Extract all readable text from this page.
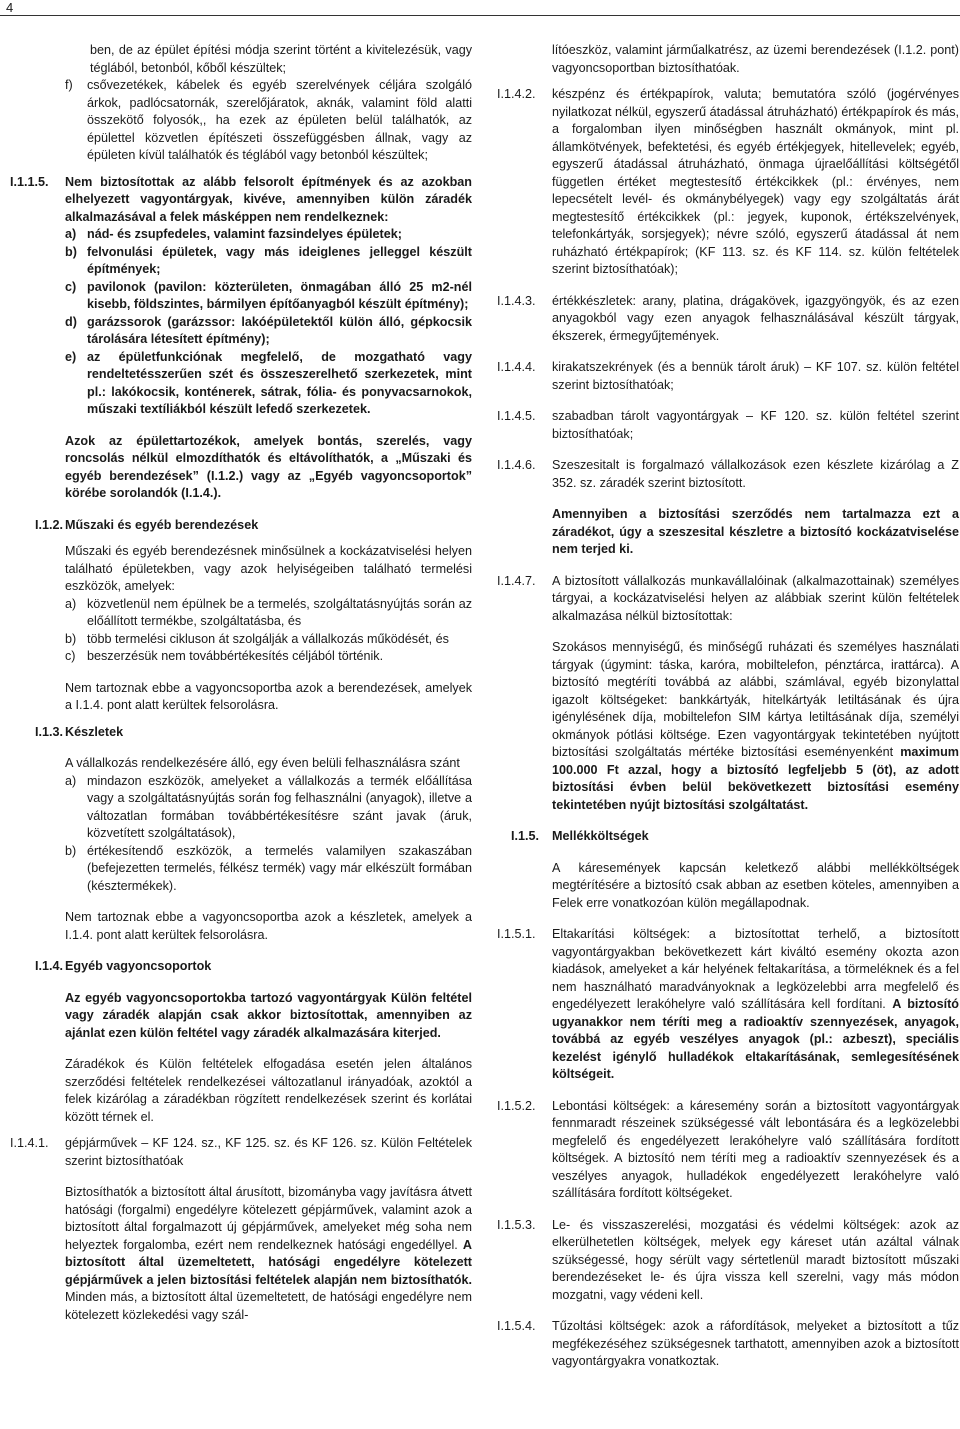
4
ben, de az épület építési módja szerint történt a kivitelezésük, vagy téglából, betonból, kőből készültek;
f)	csővezetékek, kábelek és egyéb szerelvények céljára szolgáló árkok, padlócsatornák, szerelőjáratok, aknák, valamint föld alatti összekötő folyosók,, ha ezek az épületen belül találhatók, az épülettel közvetlen építészeti összefüggésben állnak, vagy az épületen kívül találhatók és téglából vagy betonból készültek;
I.1.1.5. Nem biztosítottak az alább felsorolt építmények és az azokban elhelyezett vagyontárgyak, kivéve, amennyiben külön záradék alkalmazásával a felek másképpen nem rendelkeznek:
a) nád- és zsupfedeles, valamint fazsindelyes épületek;
b) felvonulási épületek, vagy más ideiglenes jelleggel készült építmények;
c) pavilonok (pavilon: közterületen, önmagában álló 25 m2-nél kisebb, földszintes, bármilyen építőanyagból készült építmény);
d) garázssorok (garázssor: lakóépületektől külön álló, gépkocsik tárolására létesített építmény);
e) az épületfunkciónak megfelelő, de mozgatható vagy rendeltetésszerűen szét és összeszerelhető szerkezetek, mint pl.: lakókocsik, konténerek, sátrak, fólia- és ponyvacsarnokok, műszaki textíliákból készült lefedő szerkezetek.
Azok az épülettartozékok, amelyek bontás, szerelés, vagy roncsolás nélkül elmozdíthatók és eltávolíthatók, a „Műszaki és egyéb berendezések” (I.1.2.) vagy az „Egyéb vagyoncsoportok” körébe sorolandók (I.1.4.).
I.1.2. Műszaki és egyéb berendezések
Műszaki és egyéb berendezésnek minősülnek a kockázatviselési helyen található épületekben, vagy azok helyiségeiben található termelési eszközök, amelyek:
a) közvetlenül nem épülnek be a termelés, szolgáltatásnyújtás során az előállított termékbe, szolgáltatásba, és
b) több termelési cikluson át szolgálják a vállalkozás működését, és
c) beszerzésük nem továbbértékesítés céljából történik.
Nem tartoznak ebbe a vagyoncsoportba azok a berendezések, amelyek a I.1.4. pont alatt kerültek felsorolásra.
I.1.3. Készletek
A vállalkozás rendelkezésére álló, egy éven belüli felhasználásra szánt
a) mindazon eszközök, amelyeket a vállalkozás a termék előállítása vagy a szolgáltatásnyújtás során fog felhasználni (anyagok), illetve a változatlan formában továbbértékesítésre szánt javak (áruk, közvetített szolgáltatások),
b) értékesítendő eszközök, a termelés valamilyen szakaszában (befejezetten termelés, félkész termék) vagy már elkészült formában (késztermékek).
Nem tartoznak ebbe a vagyoncsoportba azok a készletek, amelyek a I.1.4. pont alatt kerültek felsorolásra.
I.1.4. Egyéb vagyoncsoportok
Az egyéb vagyoncsoportokba tartozó vagyontárgyak Külön feltétel vagy záradék alapján csak akkor biztosítottak, amennyiben az ajánlat ezen külön feltétel vagy záradék alkalmazására kiterjed.
Záradékok és Külön feltételek elfogadása esetén jelen általános szerződési feltételek rendelkezései változatlanul irányadóak, azoktól a felek kizárólag a záradékban rögzített rendelkezések szerint és korlátai között térnek el.
I.1.4.1. gépjárművek – KF 124. sz., KF 125. sz. és KF 126. sz. Külön Feltételek szerint biztosíthatóak
Biztosíthatók a biztosított által árusított, bizományba vagy javításra átvett hatósági (forgalmi) engedélyre kötelezett gépjárművek, valamint azok a biztosított által forgalmazott új gépjárművek, amelyeket még soha nem helyeztek forgalomba, ezért nem rendelkeznek hatósági engedéllyel. A biztosított által üzemeltetett, hatósági engedélyre kötelezett gépjárművek a jelen biztosítási feltételek alapján nem biztosíthatók. Minden más, a biztosított által üzemeltetett, de hatósági engedélyre nem kötelezett közlekedési vagy szál-
lítóeszköz, valamint járműalkatrész, az üzemi berendezések (I.1.2. pont) vagyoncsoportban biztosíthatóak.
I.1.4.2.	készpénz és értékpapírok, valuta; bemutatóra szóló (jogérvényes nyilatkozat nélkül, egyszerű átadással átruházható) értékpapírok és más, a forgalomban ilyen minőségben használt okmányok, mint pl. államkötvények, befektetési, és egyéb értékjegyek, hitellevelek; egyéb, egyszerű átadással átruházható, önmaga újraelőállítási költségétől független értéket megtestesítő értékcikkek (pl.: érvényes, nem lepecsételt levél- és okmánybélyegek) vagy egy szolgáltatás árát megtestesítő értékcikkek (pl.: jegyek, kuponok, értékszelvények, telefonkártyák, sorsjegyek); névre szóló, egyszerű átadással át nem ruházható értékpapírok; (KF 113. sz. és KF 114. sz. külön feltételek szerint biztosíthatóak);
I.1.4.3.	értékkészletek: arany, platina, drágakövek, igazgyöngyök, és az ezen anyagokból vagy ezen anyagok felhasználásával készült tárgyak, ékszerek, érmegyűjtemények.
I.1.4.4.	kirakatszekrények (és a bennük tárolt áruk) – KF 107. sz. külön feltétel szerint biztosíthatóak;
I.1.4.5.	szabadban tárolt vagyontárgyak – KF 120. sz. külön feltétel szerint biztosíthatóak;
I.1.4.6.	Szeszesitalt is forgalmazó vállalkozások ezen készlete kizárólag a Z 352. sz. záradék szerint biztosított.
Amennyiben a biztosítási szerződés nem tartalmazza ezt a záradékot, úgy a szeszesital készletre a biztosító kockázatviselése nem terjed ki.
I.1.4.7.	A biztosított vállalkozás munkavállalóinak (alkalmazottainak) személyes tárgyai, a kockázatviselési helyen az alábbiak szerint külön feltételek alkalmazása nélkül biztosítottak:
Szokásos mennyiségű, és minőségű ruházati és személyes használati tárgyak (úgymint: táska, karóra, mobiltelefon, pénztárca, irattárca). A biztosító megtéríti továbbá az alábbi, számlával, egyéb bizonylattal igazolt költségeket: bankkártyák, hitelkártyák letiltásának és újra igénylésének díja, mobiltelefon SIM kártya letiltásának díja, személyi okmányok pótlási költsége. Ezen vagyontárgyak tekintetében nyújtott biztosítási szolgáltatás mértéke biztosítási eseményenként maximum 100.000 Ft azzal, hogy a biztosító legfeljebb 5 (öt), az adott biztosítási évben belül bekövetkezett biztosítási esemény tekintetében nyújt biztosítási szolgáltatást.
I.1.5. Mellékköltségek
A káresemények kapcsán keletkező alábbi mellékköltségek megtérítésére a biztosító csak abban az esetben köteles, amennyiben a Felek erre vonatkozóan külön megállapodnak.
I.1.5.1.	Eltakarítási költségek: a biztosítottat terhelő, a biztosított vagyontárgyakban bekövetkezett kárt kiváltó esemény okozta azon kiadások, amelyeket a kár helyének feltakarítása, a törmeléknek és a fel nem használható maradványoknak a legközelebbi arra megfelelő és engedélyezett lerakóhelyre való szállítására kell fordítani. A biztosító ugyanakkor nem téríti meg a radioaktív szennyezések, anyagok, továbbá az egyéb veszélyes anyagok (pl.: azbeszt), speciális kezelést igénylő hulladékok eltakarításának, semlegesítésének költségeit.
I.1.5.2.	Lebontási költségek: a káresemény során a biztosított vagyontárgyak fennmaradt részeinek szükségessé vált lebontására és a legközelebbi megfelelő és engedélyezett lerakóhelyre való szállítására fordított költségek. A biztosító nem téríti meg a radioaktív szennyezések és a veszélyes anyagok, hulladékok engedélyezett lerakóhelyre való szállítására fordított költségeket.
I.1.5.3.	Le- és visszaszerelési, mozgatási és védelmi költségek: azok az elkerülhetetlen költségek, melyek egy káreset után azáltal válnak szükségessé, hogy sérült vagy sértetlenül maradt biztosított műszaki berendezéseket le- és újra vissza kell szerelni, vagy más módon mozgatni, vagy védeni kell.
I.1.5.4.	Tűzoltási költségek: azok a ráfordítások, melyeket a biztosított a tűz megfékezéséhez szükségesnek tarthatott, amennyiben azok a biztosított vagyontárgyakra vonatkoztak.
